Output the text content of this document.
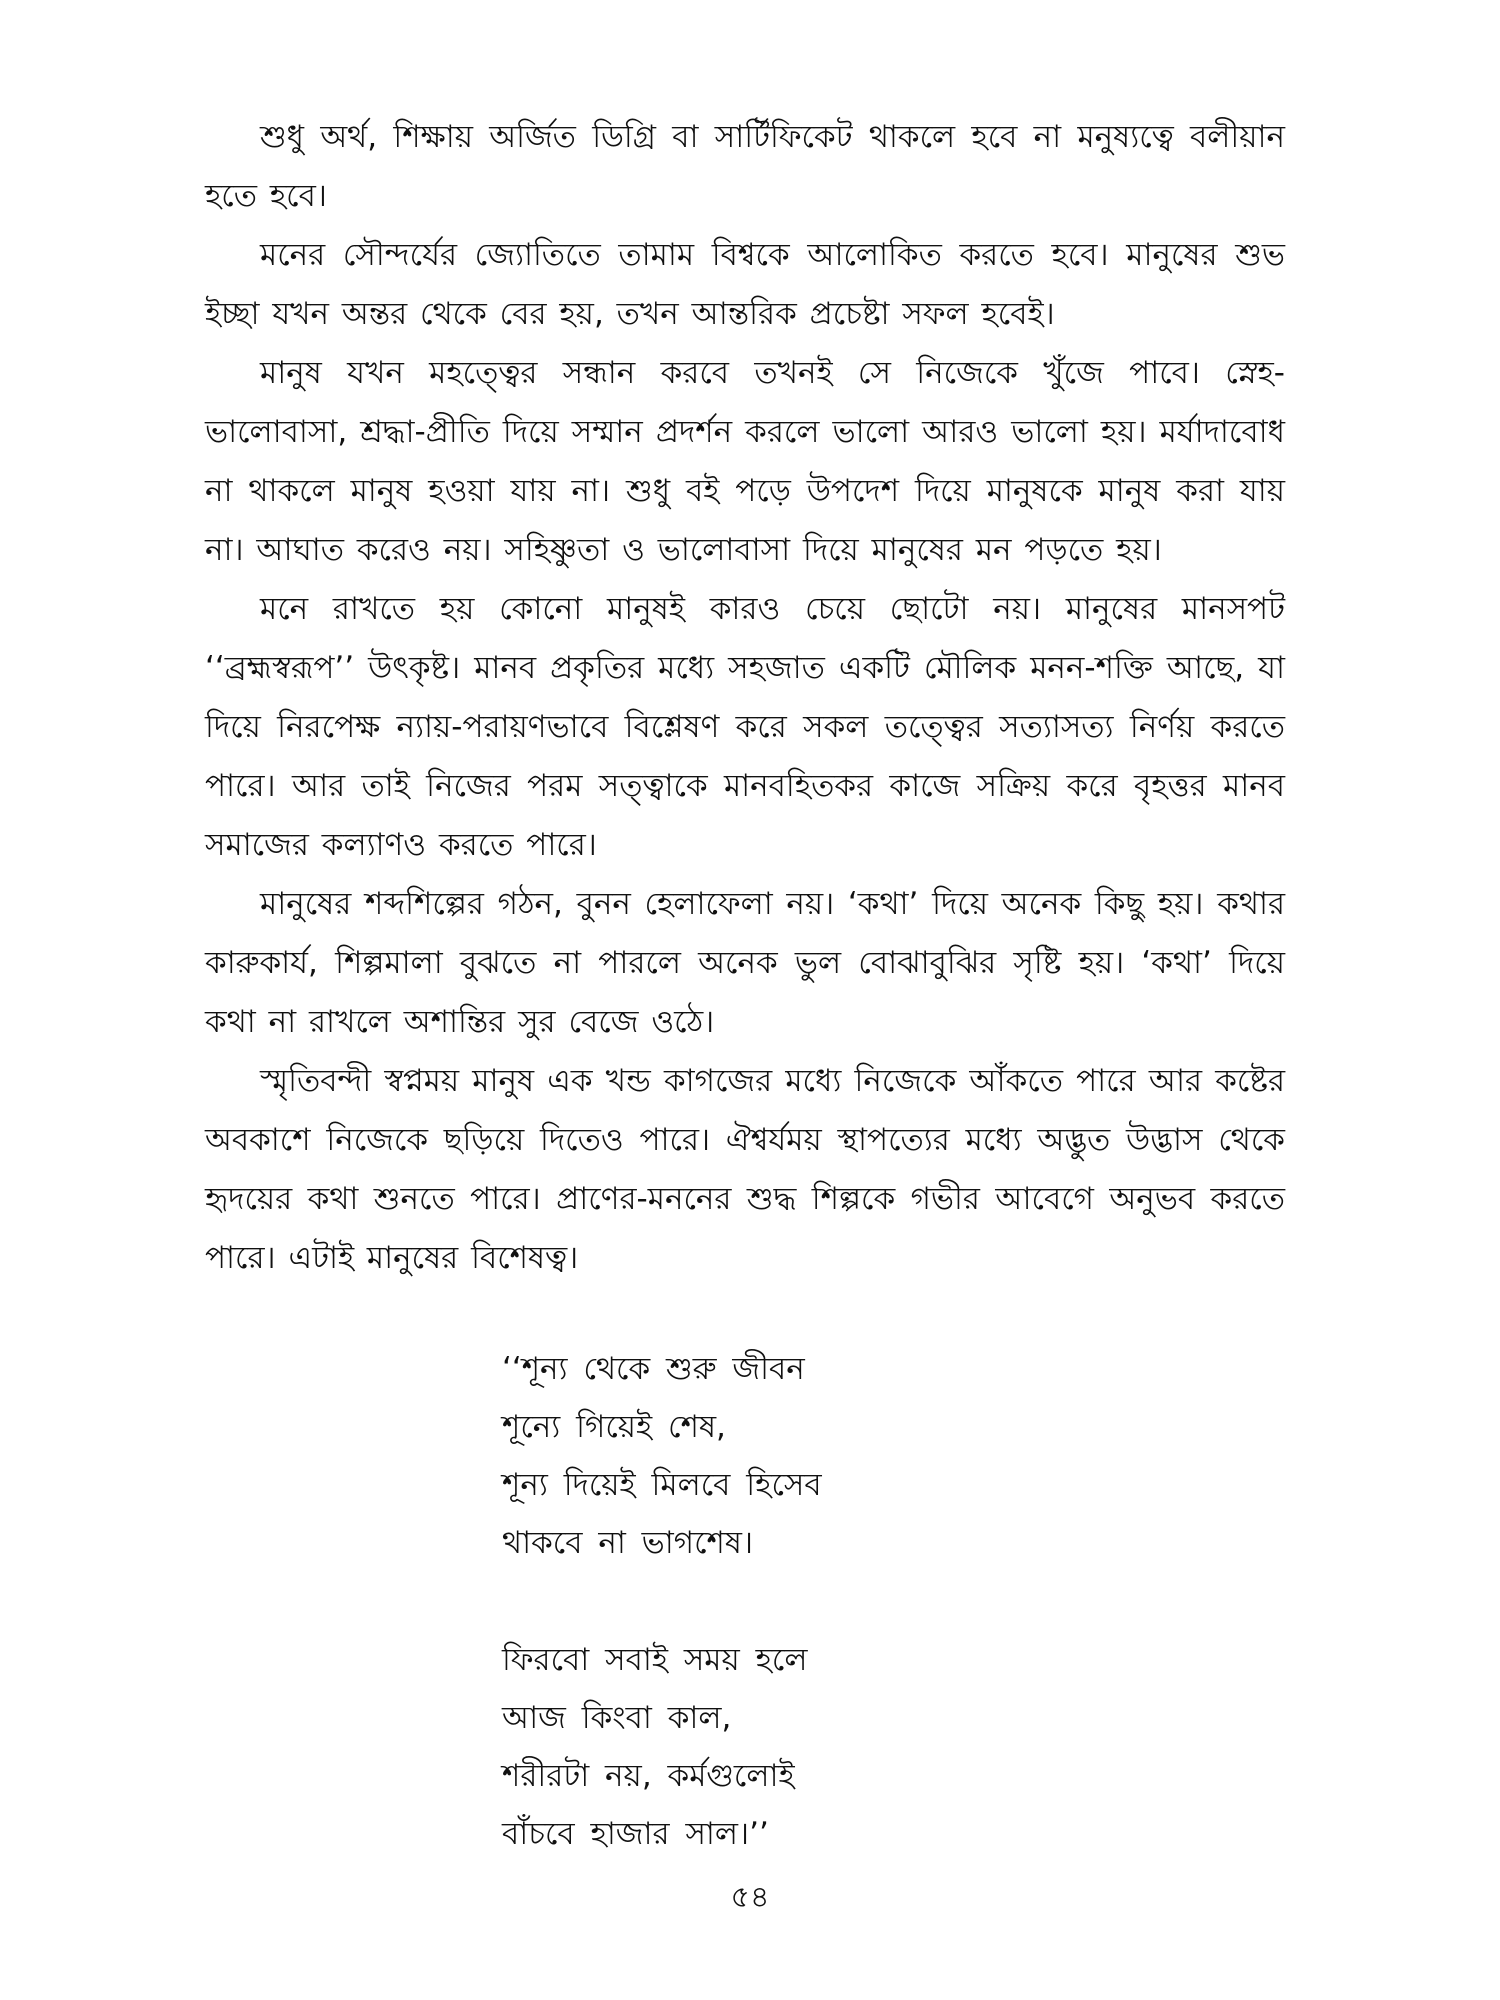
শুধু অর্থ, শিক্ষায় অর্জিত ডিগ্রি বা সার্টিফিকেট থাকলে হবে না মনুষ্যত্বে বলীয়ান হতে হবে।

মনের সৌন্দর্যের জ্যোতিতে তামাম বিশ্বকে আলোকিত করতে হবে। মানুষের শুভ ইচ্ছা যখন অন্তর থেকে বের হয়, তখন আন্তরিক প্রচেষ্টা সফল হবেই।

মানুষ যখন মহত্ত্বের সন্ধান করবে তখনই সে নিজেকে খুঁজে পাবে। স্নেহ-ভালোবাসা, শ্রদ্ধা-প্রীতি দিয়ে সম্মান প্রদর্শন করলে ভালো আরও ভালো হয়। মর্যাদাবোধ না থাকলে মানুষ হওয়া যায় না। শুধু বই পড়ে উপদেশ দিয়ে মানুষকে মানুষ করা যায় না। আঘাত করেও নয়। সহিষ্ণুতা ও ভালোবাসা দিয়ে মানুষের মন পড়তে হয়।

মনে রাখতে হয় কোনো মানুষই কারও চেয়ে ছোটো নয়। মানুষের মানসপট ‘‘ব্রহ্মস্বরূপ’’ উৎকৃষ্ট। মানব প্রকৃতির মধ্যে সহজাত একটি মৌলিক মনন-শক্তি আছে, যা দিয়ে নিরপেক্ষ ন্যায়-পরায়ণভাবে বিশ্লেষণ করে সকল তত্ত্বের সত্যাসত্য নির্ণয় করতে পারে। আর তাই নিজের পরম সত্ত্বাকে মানবহিতকর কাজে সক্রিয় করে বৃহত্তর মানব সমাজের কল্যাণও করতে পারে।

মানুষের শব্দশিল্পের গঠন, বুনন হেলাফেলা নয়। ‘কথা’ দিয়ে অনেক কিছু হয়। কথার কারুকার্য, শিল্পমালা বুঝতে না পারলে অনেক ভুল বোঝাবুঝির সৃষ্টি হয়। ‘কথা’ দিয়ে কথা না রাখলে অশান্তির সুর বেজে ওঠে।

স্মৃতিবন্দী স্বপ্নময় মানুষ এক খন্ড কাগজের মধ্যে নিজেকে আঁকতে পারে আর কষ্টের অবকাশে নিজেকে ছড়িয়ে দিতেও পারে। ঐশ্বর্যময় স্থাপত্যের মধ্যে অদ্ভুত উদ্ভাস থেকে হৃদয়ের কথা শুনতে পারে। প্রাণের-মননের শুদ্ধ শিল্পকে গভীর আবেগে অনুভব করতে পারে। এটাই মানুষের বিশেষত্ব।

‘‘শূন্য থেকে শুরু জীবন
শূন্যে গিয়েই শেষ,
শূন্য দিয়েই মিলবে হিসেব
থাকবে না ভাগশেষ।
ফিরবো সবাই সময় হলে
আজ কিংবা কাল,
শরীরটা নয়, কর্মগুলোই
বাঁচবে হাজার সাল।’’
৫৪
